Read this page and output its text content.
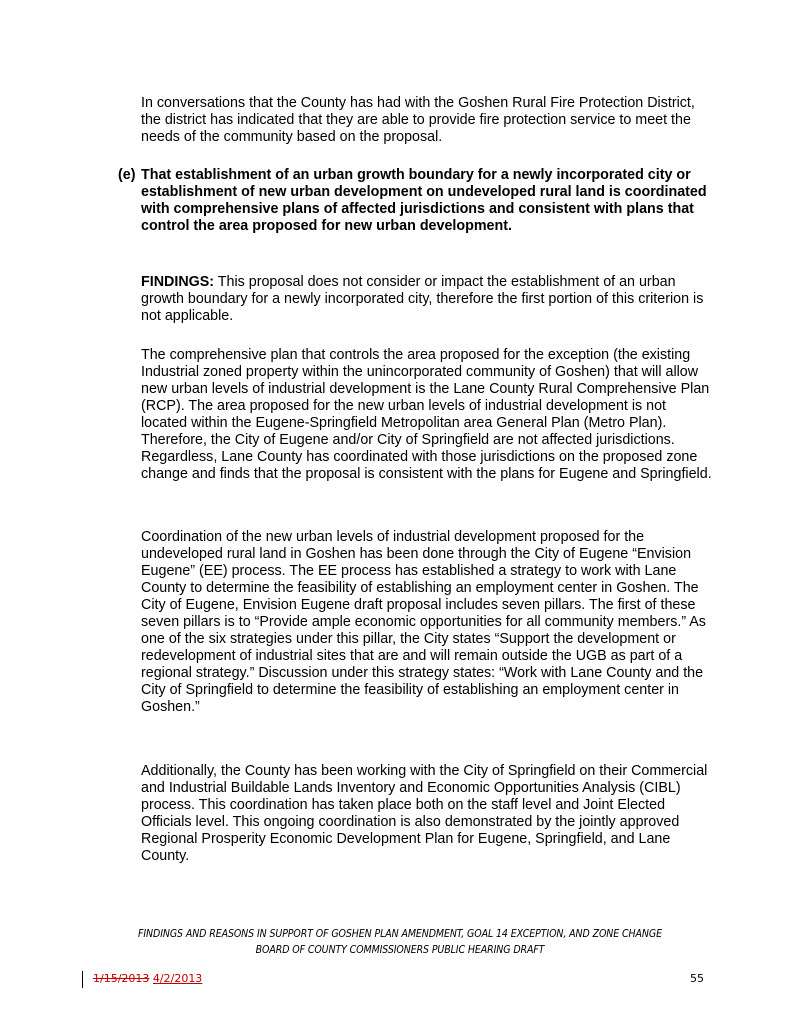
In conversations that the County has had with the Goshen Rural Fire Protection District, the district has indicated that they are able to provide fire protection service to meet the needs of the community based on the proposal.

(e) That establishment of an urban growth boundary for a newly incorporated city or establishment of new urban development on undeveloped rural land is coordinated with comprehensive plans of affected jurisdictions and consistent with plans that control the area proposed for new urban development.

FINDINGS: This proposal does not consider or impact the establishment of an urban growth boundary for a newly incorporated city, therefore the first portion of this criterion is not applicable.

The comprehensive plan that controls the area proposed for the exception (the existing Industrial zoned property within the unincorporated community of Goshen) that will allow new urban levels of industrial development is the Lane County Rural Comprehensive Plan (RCP). The area proposed for the new urban levels of industrial development is not located within the Eugene-Springfield Metropolitan area General Plan (Metro Plan). Therefore, the City of Eugene and/or City of Springfield are not affected jurisdictions. Regardless, Lane County has coordinated with those jurisdictions on the proposed zone change and finds that the proposal is consistent with the plans for Eugene and Springfield.

Coordination of the new urban levels of industrial development proposed for the undeveloped rural land in Goshen has been done through the City of Eugene “Envision Eugene” (EE) process. The EE process has established a strategy to work with Lane County to determine the feasibility of establishing an employment center in Goshen. The City of Eugene, Envision Eugene draft proposal includes seven pillars. The first of these seven pillars is to “Provide ample economic opportunities for all community members.” As one of the six strategies under this pillar, the City states “Support the development or redevelopment of industrial sites that are and will remain outside the UGB as part of a regional strategy.” Discussion under this strategy states: “Work with Lane County and the City of Springfield to determine the feasibility of establishing an employment center in Goshen.”

Additionally, the County has been working with the City of Springfield on their Commercial and Industrial Buildable Lands Inventory and Economic Opportunities Analysis (CIBL) process. This coordination has taken place both on the staff level and Joint Elected Officials level. This ongoing coordination is also demonstrated by the jointly approved Regional Prosperity Economic Development Plan for Eugene, Springfield, and Lane County.

FINDINGS AND REASONS IN SUPPORT OF GOSHEN PLAN AMENDMENT, GOAL 14 EXCEPTION, AND ZONE CHANGE
BOARD OF COUNTY COMMISSIONERS PUBLIC HEARING DRAFT
1/15/2013 4/2/2013	55
